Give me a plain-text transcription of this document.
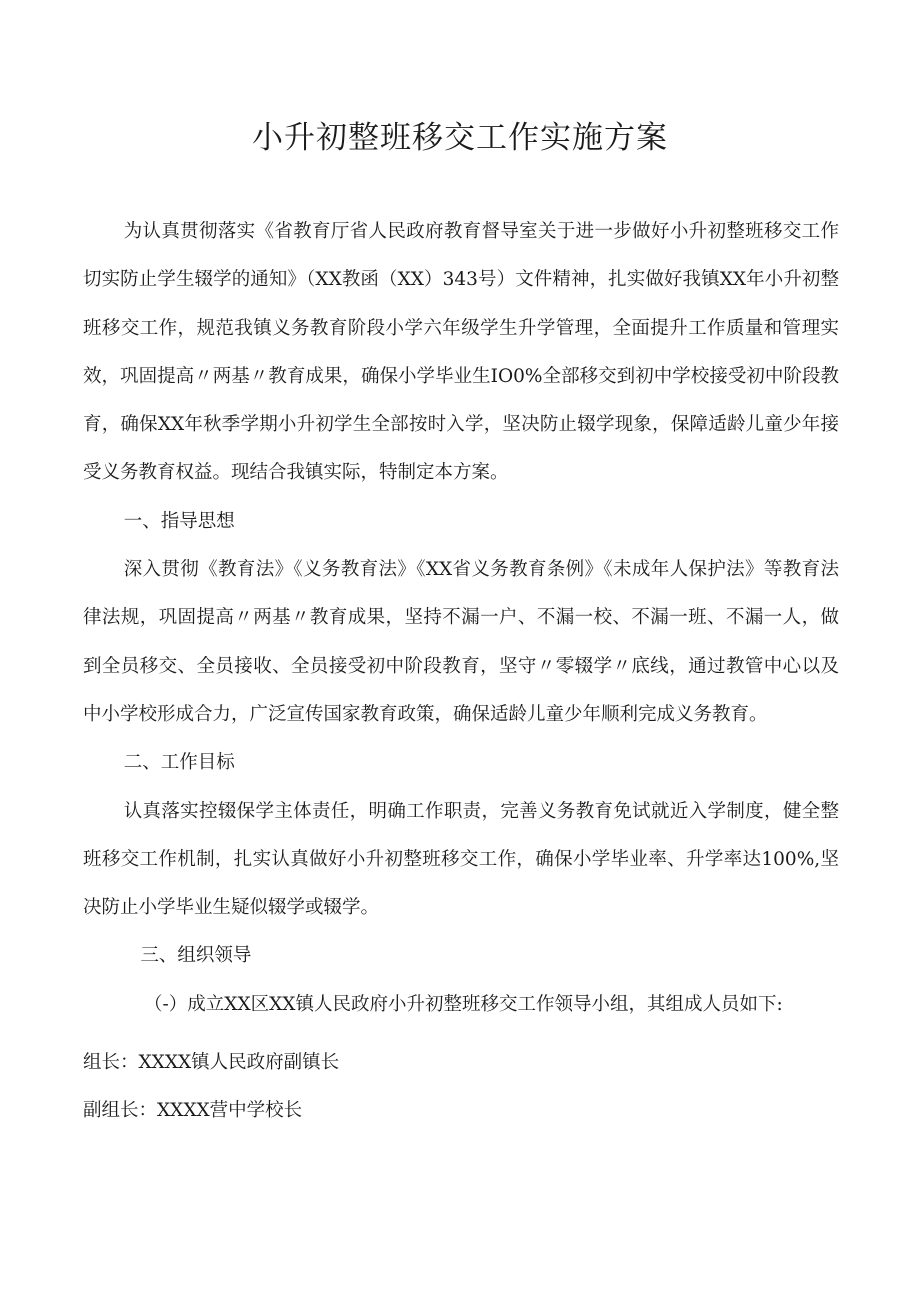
小升初整班移交工作实施方案

为认真贯彻落实《省教育厅省人民政府教育督导室关于进一步做好小升初整班移交工作切实防止学生辍学的通知》（XX教函（XX）343号）文件精神，扎实做好我镇XX年小升初整班移交工作，规范我镇义务教育阶段小学六年级学生升学管理，全面提升工作质量和管理实效，巩固提高〃两基〃教育成果，确保小学毕业生IO0%全部移交到初中学校接受初中阶段教育，确保XX年秋季学期小升初学生全部按时入学，坚决防止辍学现象，保障适龄儿童少年接受义务教育权益。现结合我镇实际，特制定本方案。

一、指导思想

深入贯彻《教育法》《义务教育法》《XX省义务教育条例》《未成年人保护法》等教育法律法规，巩固提高〃两基〃教育成果，坚持不漏一户、不漏一校、不漏一班、不漏一人，做到全员移交、全员接收、全员接受初中阶段教育，坚守〃零辍学〃底线，通过教管中心以及中小学校形成合力，广泛宣传国家教育政策，确保适龄儿童少年顺利完成义务教育。

二、工作目标

认真落实控辍保学主体责任，明确工作职责，完善义务教育免试就近入学制度，健全整班移交工作机制，扎实认真做好小升初整班移交工作，确保小学毕业率、升学率达100%,坚决防止小学毕业生疑似辍学或辍学。

三、组织领导

（-）成立XX区XX镇人民政府小升初整班移交工作领导小组，其组成人员如下:

组长：XXXX镇人民政府副镇长

副组长：XXXX营中学校长
